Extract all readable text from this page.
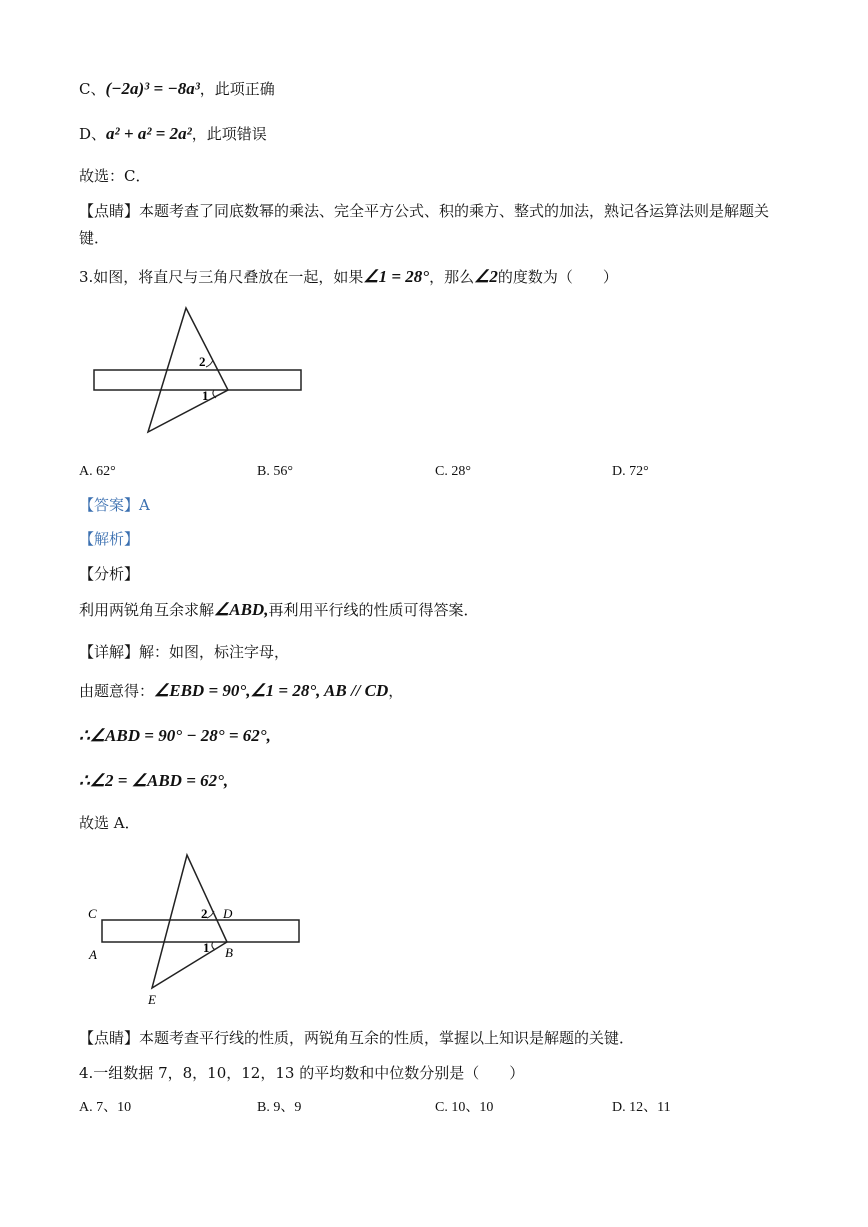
C、(−2a)³ = −8a³，此项正确
D、a² + a² = 2a²，此项错误
故选：C．
【点睛】本题考查了同底数幂的乘法、完全平方公式、积的乘方、整式的加法，熟记各运算法则是解题关键．
3.如图，将直尺与三角尺叠放在一起，如果∠1 = 28°，那么∠2的度数为（　　）
2
1
A. 62°	B. 56°	C. 28°	D. 72°
【答案】A
【解析】
【分析】
利用两锐角互余求解∠ABD,再利用平行线的性质可得答案．
【详解】解：如图，标注字母，
由题意得：∠EBD = 90°,∠1 = 28°, AB // CD，
∴∠ABD = 90° − 28° = 62°,
∴∠2 = ∠ABD = 62°,
故选 A．
2
1
C	D
A	B
E
【点睛】本题考查平行线的性质，两锐角互余的性质，掌握以上知识是解题的关键．
4.一组数据 7，8，10，12，13 的平均数和中位数分别是（　　）
A. 7、10	B. 9、9	C. 10、10	D. 12、11
